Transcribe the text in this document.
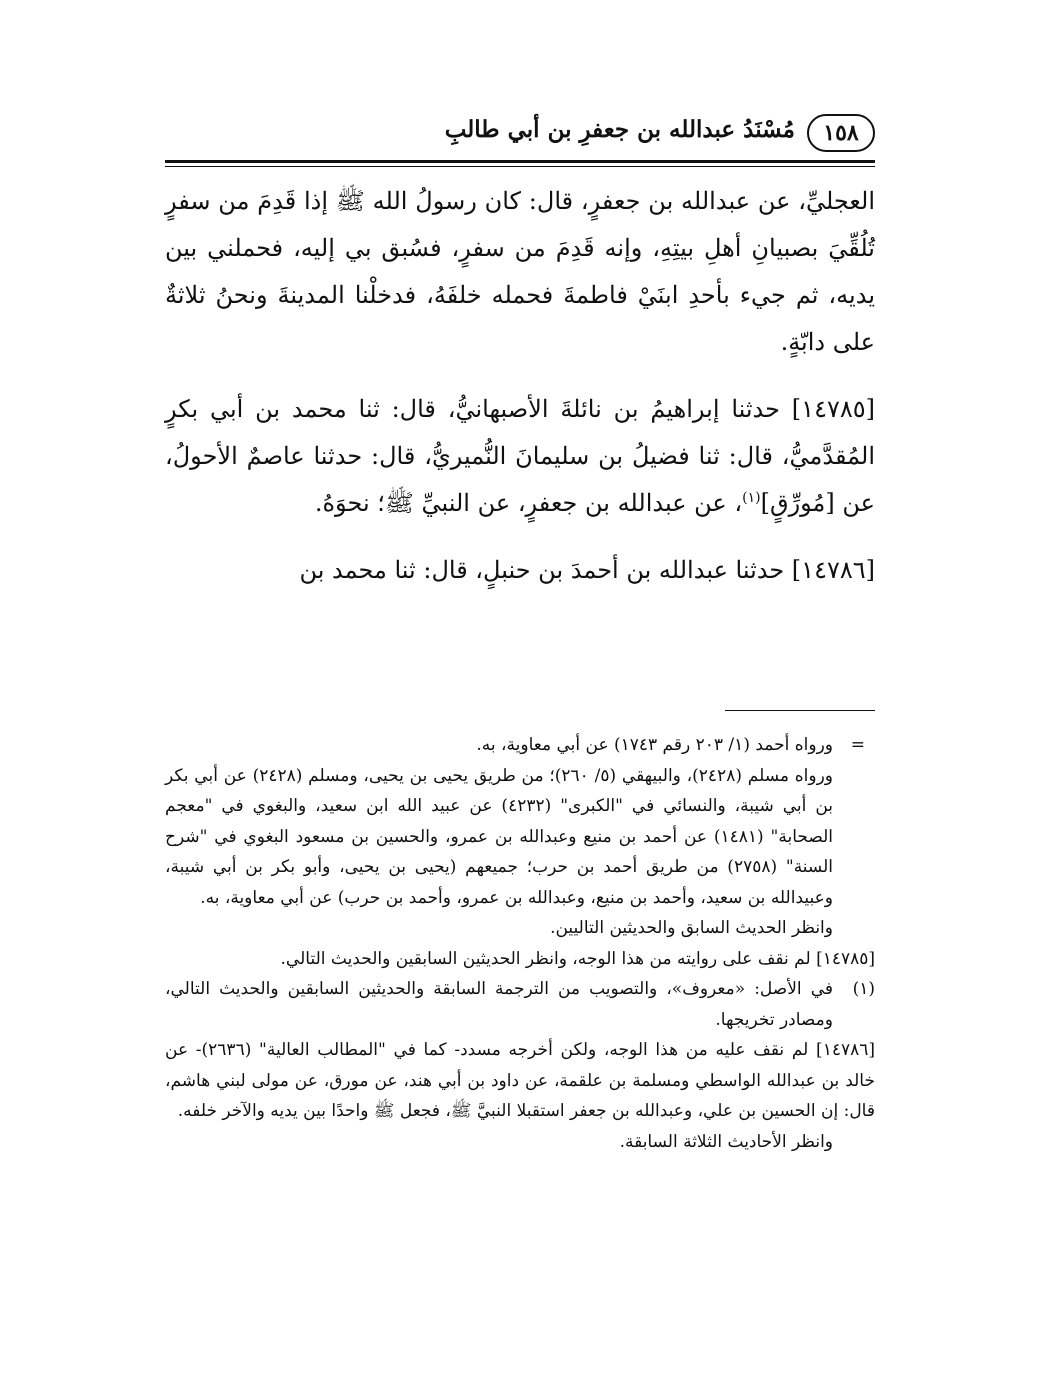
١٥٨
مُسْنَدُ عبدالله بن جعفرِ بن أبي طالبِ

العجليِّ، عن عبدالله بن جعفرٍ، قال: كان رسولُ الله ﷺ إذا قَدِمَ من سفرٍ تُلُقِّيَ بصبيانِ أهلِ بيتِهِ، وإنه قَدِمَ من سفرٍ، فسُبق بي إليه، فحملني بين يديه، ثم جيء بأحدِ ابنَيْ فاطمةَ فحمله خلفَهُ، فدخلْنا المدينةَ ونحنُ ثلاثةٌ على دابّةٍ.

[١٤٧٨٥] حدثنا إبراهيمُ بن نائلةَ الأصبهانيُّ، قال: ثنا محمد بن أبي بكرٍ المُقدَّميُّ، قال: ثنا فضيلُ بن سليمانَ النُّميريُّ، قال: حدثنا عاصمٌ الأحولُ، عن [مُورِّقٍ]$^{(١)}$، عن عبدالله بن جعفرٍ، عن النبيِّ ﷺ؛ نحوَهُ.

[١٤٧٨٦] حدثنا عبدالله بن أحمدَ بن حنبلٍ، قال: ثنا محمد بن

=
ورواه أحمد (١/ ٢٠٣ رقم ١٧٤٣) عن أبي معاوية، به.
ورواه مسلم (٢٤٢٨)، والبيهقي (٥/ ٢٦٠)؛ من طريق يحيى بن يحيى، ومسلم (٢٤٢٨) عن أبي بكر بن أبي شيبة، والنسائي في "الكبرى" (٤٢٣٢) عن عبيد الله ابن سعيد، والبغوي في "معجم الصحابة" (١٤٨١) عن أحمد بن منيع وعبدالله بن عمرو، والحسين بن مسعود البغوي في "شرح السنة" (٢٧٥٨) من طريق أحمد بن حرب؛ جميعهم (يحيى بن يحيى، وأبو بكر بن أبي شيبة، وعبيدالله بن سعيد، وأحمد بن منيع، وعبدالله بن عمرو، وأحمد بن حرب) عن أبي معاوية، به.
وانظر الحديث السابق والحديثين التاليين.
[١٤٧٨٥] لم نقف على روايته من هذا الوجه، وانظر الحديثين السابقين والحديث التالي.
(١)
في الأصل: «معروف»، والتصويب من الترجمة السابقة والحديثين السابقين والحديث التالي، ومصادر تخريجها.
[١٤٧٨٦] لم نقف عليه من هذا الوجه، ولكن أخرجه مسدد- كما في "المطالب العالية" (٢٦٣٦)- عن خالد بن عبدالله الواسطي ومسلمة بن علقمة، عن داود بن أبي هند، عن مورق، عن مولى لبني هاشم، قال: إن الحسين بن علي، وعبدالله بن جعفر استقبلا النبيَّ ﷺ، فجعل ﷺ واحدًا بين يديه والآخر خلفه.
وانظر الأحاديث الثلاثة السابقة.
